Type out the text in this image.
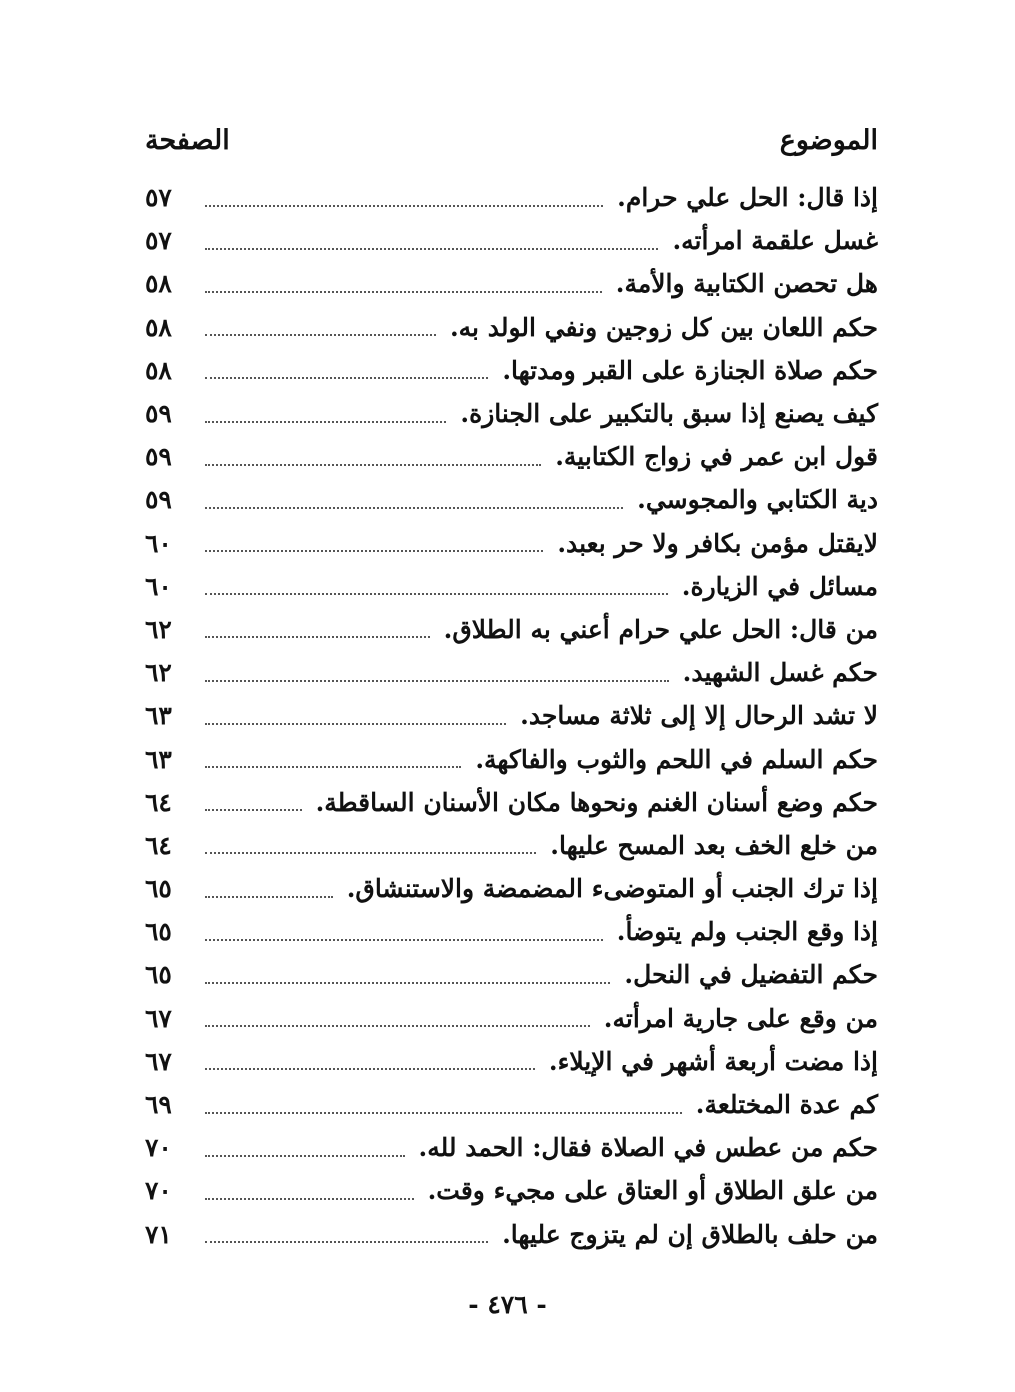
الموضوع
الصفحة
إذا قال: الحل علي حرام.
٥٧
غسل علقمة امرأته.
٥٧
هل تحصن الكتابية والأمة.
٥٨
حكم اللعان بين كل زوجين ونفي الولد به.
٥٨
حكم صلاة الجنازة على القبر ومدتها.
٥٨
كيف يصنع إذا سبق بالتكبير على الجنازة.
٥٩
قول ابن عمر في زواج الكتابية.
٥٩
دية الكتابي والمجوسي.
٥٩
لايقتل مؤمن بكافر ولا حر بعبد.
٦٠
مسائل في الزيارة.
٦٠
من قال: الحل علي حرام أعني به الطلاق.
٦٢
حكم غسل الشهيد.
٦٢
لا تشد الرحال إلا إلى ثلاثة مساجد.
٦٣
حكم السلم في اللحم والثوب والفاكهة.
٦٣
حكم وضع أسنان الغنم ونحوها مكان الأسنان الساقطة.
٦٤
من خلع الخف بعد المسح عليها.
٦٤
إذا ترك الجنب أو المتوضىء المضمضة والاستنشاق.
٦٥
إذا وقع الجنب ولم يتوضأ.
٦٥
حكم التفضيل في النحل.
٦٥
من وقع على جارية امرأته.
٦٧
إذا مضت أربعة أشهر في الإيلاء.
٦٧
كم عدة المختلعة.
٦٩
حكم من عطس في الصلاة فقال: الحمد لله.
٧٠
من علق الطلاق أو العتاق على مجيء وقت.
٧٠
من حلف بالطلاق إن لم يتزوج عليها.
٧١
- ٤٧٦ -
